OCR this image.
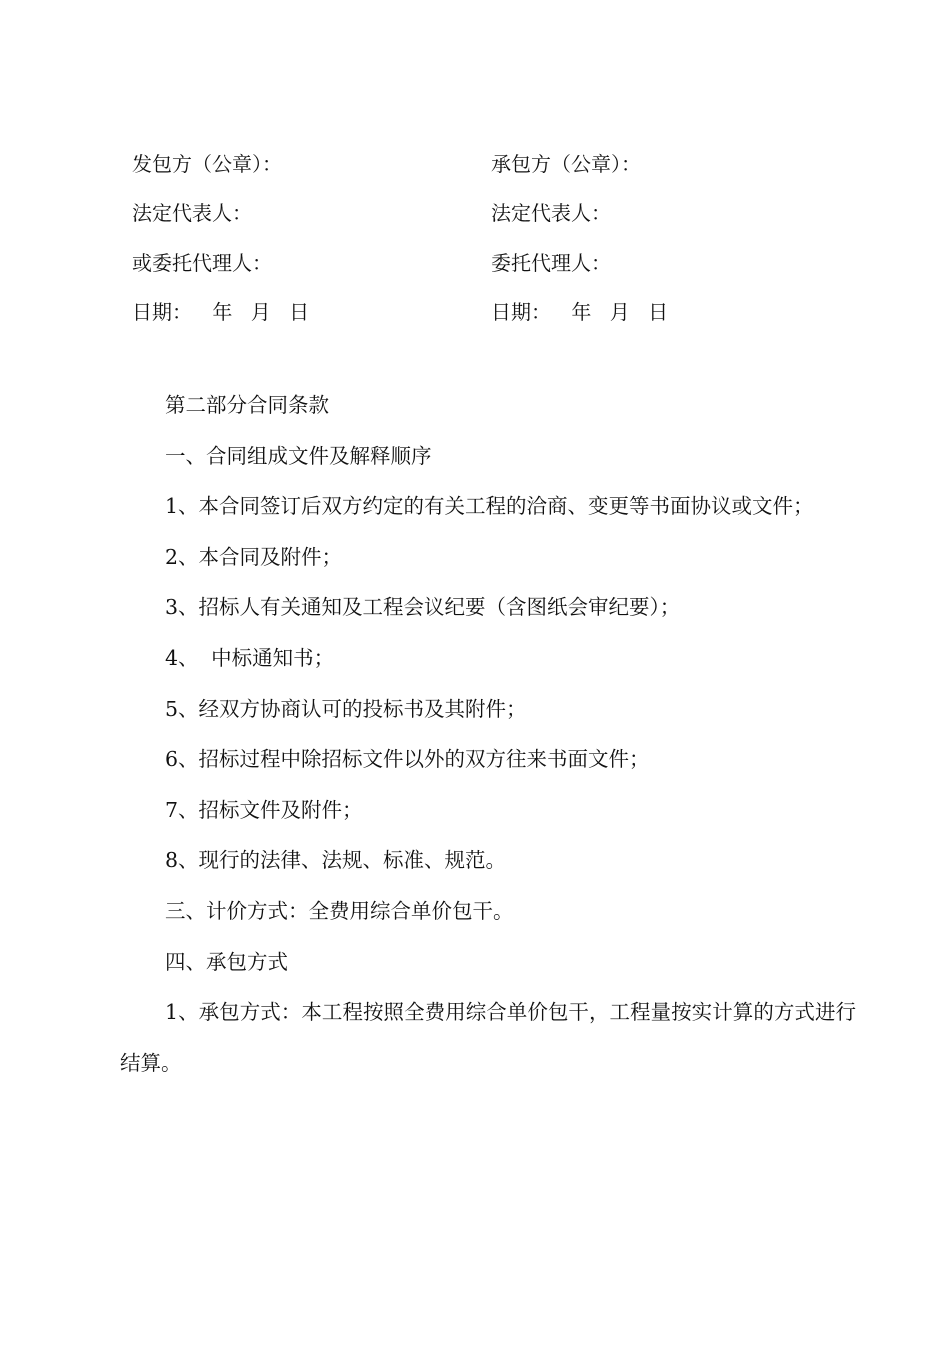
发包方（公章）：	承包方（公章）：
法定代表人：	法定代表人：
或委托代理人：	委托代理人：
日期： 年 月 日	日期： 年 月 日

第二部分合同条款

一、合同组成文件及解释顺序

1、本合同签订后双方约定的有关工程的洽商、变更等书面协议或文件；

2、本合同及附件；

3、招标人有关通知及工程会议纪要（含图纸会审纪要）；

4、 中标通知书；

5、经双方协商认可的投标书及其附件；

6、招标过程中除招标文件以外的双方往来书面文件；

7、招标文件及附件；

8、现行的法律、法规、标准、规范。

三、计价方式：全费用综合单价包干。

四、承包方式

1、承包方式：本工程按照全费用综合单价包干，工程量按实计算的方式进行结算。
